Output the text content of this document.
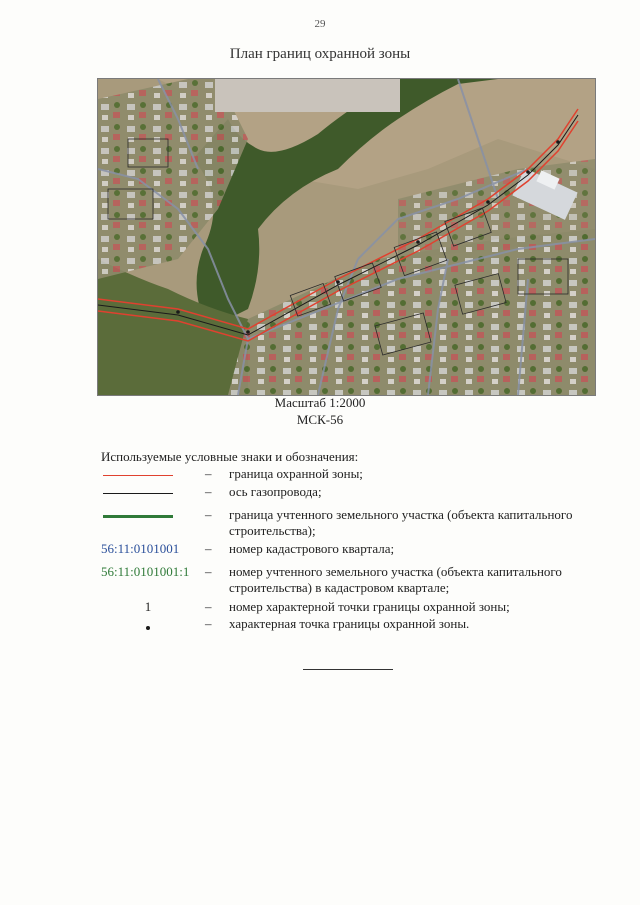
29
План границ охранной зоны
Масштаб 1:2000
МСК-56
Используемые условные знаки и обозначения:
– граница охранной зоны;
– ось газопровода;
– граница учтенного земельного участка (объекта капитального строительства);
56:11:0101001	– номер кадастрового квартала;
56:11:0101001:1	– номер учтенного земельного участка (объекта капитального строительства) в кадастровом квартале;
1	– номер характерной точки границы охранной зоны;
– характерная точка границы охранной зоны.
